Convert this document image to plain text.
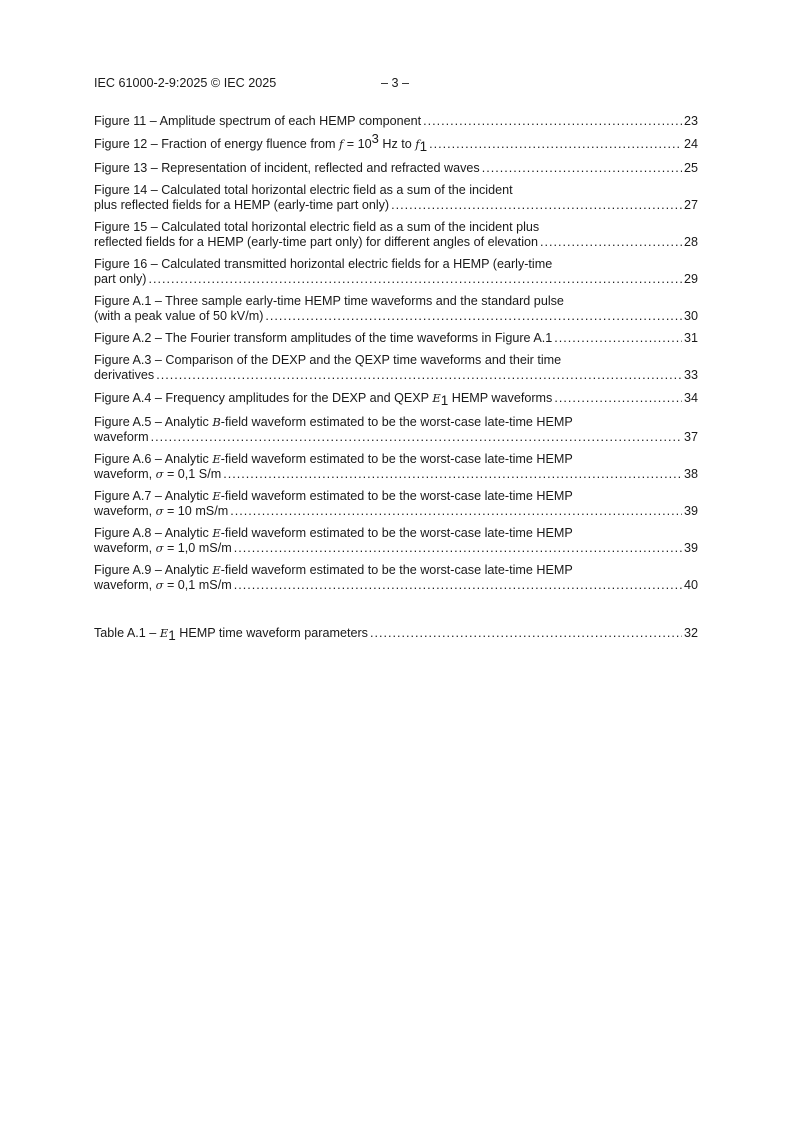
IEC 61000-2-9:2025 © IEC 2025	– 3 –
Figure 11 – Amplitude spectrum of each HEMP component .....	23
Figure 12 – Fraction of energy fluence from f = 103 Hz to f1 .....	24
Figure 13 – Representation of incident, reflected and refracted waves .....	25
Figure 14 – Calculated total horizontal electric field as a sum of the incident
plus reflected fields for a HEMP (early-time part only) .....	27
Figure 15 – Calculated total horizontal electric field as a sum of the incident plus
reflected fields for a HEMP (early-time part only) for different angles of elevation .....	28
Figure 16 – Calculated transmitted horizontal electric fields for a HEMP (early-time
part only) .....	29
Figure A.1 – Three sample early-time HEMP time waveforms and the standard pulse
(with a peak value of 50 kV/m) .....	30
Figure A.2 – The Fourier transform amplitudes of the time waveforms in Figure A.1 .....	31
Figure A.3 – Comparison of the DEXP and the QEXP time waveforms and their time
derivatives .....	33
Figure A.4 – Frequency amplitudes for the DEXP and QEXP E1 HEMP waveforms .....	34
Figure A.5 – Analytic B-field waveform estimated to be the worst-case late-time HEMP
waveform .....	37
Figure A.6 – Analytic E-field waveform estimated to be the worst-case late-time HEMP
waveform, σ = 0,1 S/m .....	38
Figure A.7 – Analytic E-field waveform estimated to be the worst-case late-time HEMP
waveform, σ = 10 mS/m .....	39
Figure A.8 – Analytic E-field waveform estimated to be the worst-case late-time HEMP
waveform, σ = 1,0 mS/m .....	39
Figure A.9 – Analytic E-field waveform estimated to be the worst-case late-time HEMP
waveform, σ = 0,1 mS/m .....	40
Table A.1 – E1 HEMP time waveform parameters .....	32
